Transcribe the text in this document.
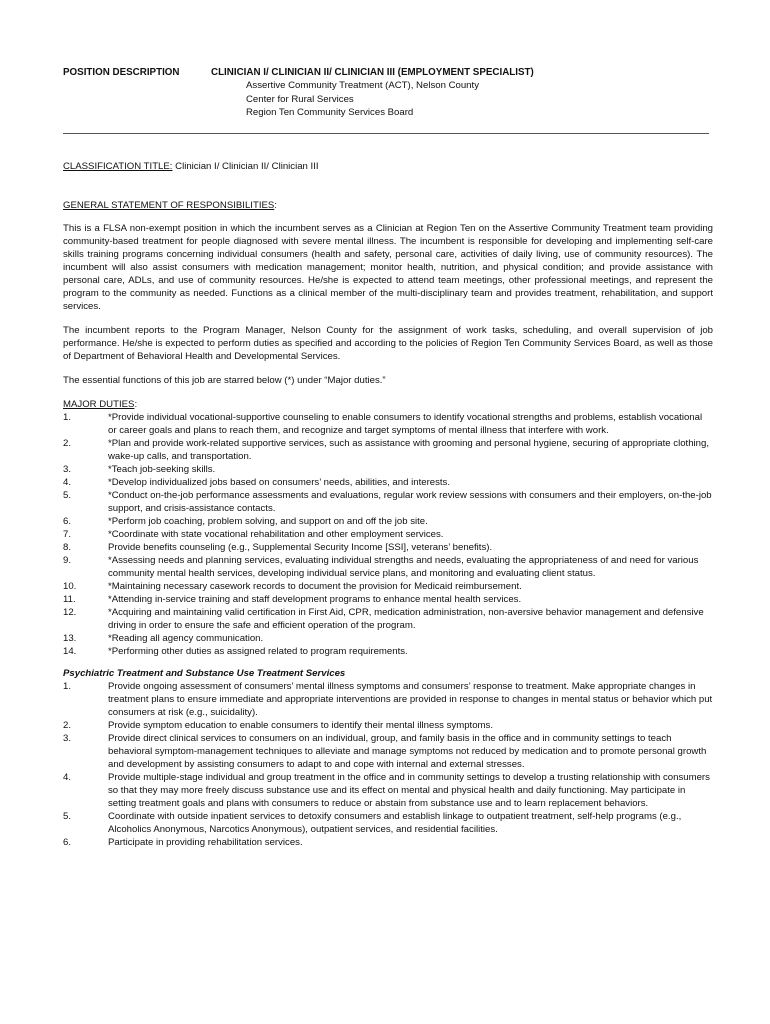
POSITION DESCRIPTION	CLINICIAN I/ CLINICIAN II/ CLINICIAN III (EMPLOYMENT SPECIALIST)
Assertive Community Treatment (ACT), Nelson County
Center for Rural Services
Region Ten Community Services Board
CLASSIFICATION TITLE: Clinician I/ Clinician II/ Clinician III
GENERAL STATEMENT OF RESPONSIBILITIES:
This is a FLSA non-exempt position in which the incumbent serves as a Clinician at Region Ten on the Assertive Community Treatment team providing community-based treatment for people diagnosed with severe mental illness. The incumbent is responsible for developing and implementing self-care skills training programs concerning individual consumers (health and safety, personal care, activities of daily living, use of community resources). The incumbent will also assist consumers with medication management; monitor health, nutrition, and physical condition; and provide assistance with personal care, ADLs, and use of community resources. He/she is expected to attend team meetings, other professional meetings, and represent the program to the community as needed. Functions as a clinical member of the multi-disciplinary team and provides treatment, rehabilitation, and support services.
The incumbent reports to the Program Manager, Nelson County for the assignment of work tasks, scheduling, and overall supervision of job performance. He/she is expected to perform duties as specified and according to the policies of Region Ten Community Services Board, as well as those of Department of Behavioral Health and Developmental Services.
The essential functions of this job are starred below (*) under “Major duties.”
MAJOR DUTIES:
1.	*Provide individual vocational-supportive counseling to enable consumers to identify vocational strengths and problems, establish vocational or career goals and plans to reach them, and recognize and target symptoms of mental illness that interfere with work.
2.	*Plan and provide work-related supportive services, such as assistance with grooming and personal hygiene, securing of appropriate clothing, wake-up calls, and transportation.
3.	*Teach job-seeking skills.
4.	*Develop individualized jobs based on consumers’ needs, abilities, and interests.
5.	*Conduct on-the-job performance assessments and evaluations, regular work review sessions with consumers and their employers, on-the-job support, and crisis-assistance contacts.
6.	*Perform job coaching, problem solving, and support on and off the job site.
7.	*Coordinate with state vocational rehabilitation and other employment services.
8.	Provide benefits counseling (e.g., Supplemental Security Income [SSI], veterans’ benefits).
9.	*Assessing needs and planning services, evaluating individual strengths and needs, evaluating the appropriateness of and need for various community mental health services, developing individual service plans, and monitoring and evaluating client status.
10.	*Maintaining necessary casework records to document the provision for Medicaid reimbursement.
11.	*Attending in-service training and staff development programs to enhance mental health services.
12.	*Acquiring and maintaining valid certification in First Aid, CPR, medication administration, non-aversive behavior management and defensive driving in order to ensure the safe and efficient operation of the program.
13.	*Reading all agency communication.
14.	*Performing other duties as assigned related to program requirements.
Psychiatric Treatment and Substance Use Treatment Services
1.	Provide ongoing assessment of consumers’ mental illness symptoms and consumers’ response to treatment. Make appropriate changes in treatment plans to ensure immediate and appropriate interventions are provided in response to changes in mental status or behavior which put consumers at risk (e.g., suicidality).
2.	Provide symptom education to enable consumers to identify their mental illness symptoms.
3.	Provide direct clinical services to consumers on an individual, group, and family basis in the office and in community settings to teach behavioral symptom-management techniques to alleviate and manage symptoms not reduced by medication and to promote personal growth and development by assisting consumers to adapt to and cope with internal and external stresses.
4.	Provide multiple-stage individual and group treatment in the office and in community settings to develop a trusting relationship with consumers so that they may more freely discuss substance use and its effect on mental and physical health and daily functioning. May participate in setting treatment goals and plans with consumers to reduce or abstain from substance use and to learn replacement behaviors.
5.	Coordinate with outside inpatient services to detoxify consumers and establish linkage to outpatient treatment, self-help programs (e.g., Alcoholics Anonymous, Narcotics Anonymous), outpatient services, and residential facilities.
6.	Participate in providing rehabilitation services.
